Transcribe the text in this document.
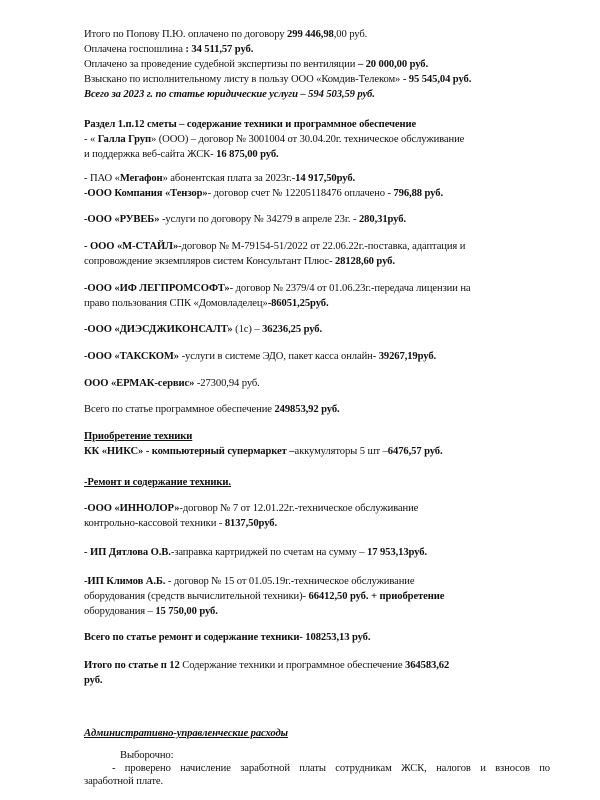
Итого по Попову П.Ю. оплачено по договору 299 446,98,00 руб.
Оплачена госпошлина : 34 511,57 руб.
Оплачено за проведение судебной экспертизы по вентиляции – 20 000,00 руб.
Взыскано по исполнительному листу в пользу ООО «Комдив-Телеком» - 95 545,04 руб.
Всего за 2023 г. по статье юридические услуги – 594 503,59 руб.
Раздел 1.п.12 сметы – содержание техники и программное обеспечение
- « Галла Груп» (ООО) – договор № 3001004 от 30.04.20г. техническое обслуживание
и поддержка веб-сайта ЖСК- 16 875,00 руб.
- ПАО «Мегафон» абонентская плата за 2023г.-14 917,50руб.
-ООО Компания «Тензор»- договор счет № 12205118476 оплачено - 796,88 руб.
-ООО «РУВЕБ» -услуги по договору № 34279 в апреле 23г. - 280,31руб.
- ООО «М-СТАЙЛ»-договор № М-79154-51/2022 от 22.06.22г.-поставка, адаптация и
сопровождение экземпляров систем Консультант Плюс- 28128,60 руб.
-ООО «ИФ ЛЕГПРОМСОФТ»- договор № 2379/4 от 01.06.23г.-передача лицензии на
право пользования СПК «Домовладелец»-86051,25руб.
-ООО «ДИЭСДЖИКОНСАЛТ» (1с) – 36236,25 руб.
-ООО «ТАКСКОМ» -услуги в системе ЭДО, пакет касса онлайн- 39267,19руб.
ООО «ЕРМАК-сервис» -27300,94 руб.
Всего по статье программное обеспечение 249853,92 руб.
Приобретение техники
КК «НИКС» - компьютерный супермаркет –аккумуляторы 5 шт –6476,57 руб.
-Ремонт и содержание техники.
-ООО «ИННОЛОР»-договор № 7 от 12.01.22г.-техническое обслуживание
контрольно-кассовой техники - 8137,50руб.
- ИП Дятлова О.В.-заправка картриджей по счетам на сумму – 17 953,13руб.
-ИП Климов А.Б. - договор № 15 от 01.05.19г.-техническое обслуживание
оборудования (средств вычислительной техники)- 66412,50 руб. + приобретение
оборудования – 15 750,00 руб.
Всего по статье ремонт и содержание техники- 108253,13 руб.
Итого по статье п 12 Содержание техники и программное обеспечение 364583,62
руб.
Административно-управленческие расходы
Выборочно:
- проверено начисление заработной платы сотрудникам ЖСК, налогов и взносов по
заработной плате.
